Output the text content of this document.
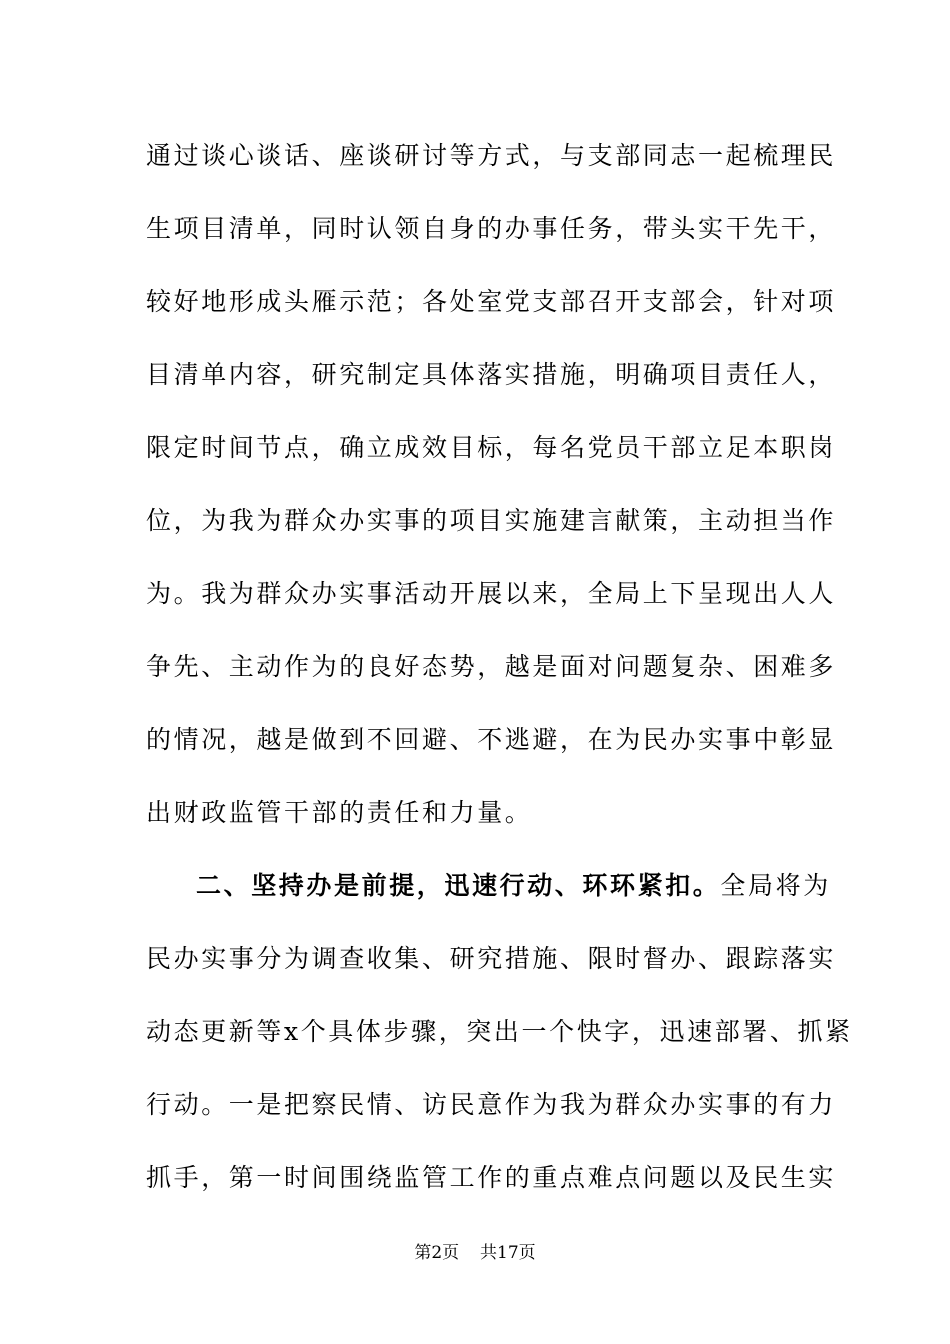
通过谈心谈话、座谈研讨等方式，与支部同志一起梳理民
生项目清单，同时认领自身的办事任务，带头实干先干，
较好地形成头雁示范；各处室党支部召开支部会，针对项
目清单内容，研究制定具体落实措施，明确项目责任人，
限定时间节点，确立成效目标，每名党员干部立足本职岗
位，为我为群众办实事的项目实施建言献策，主动担当作
为。我为群众办实事活动开展以来，全局上下呈现出人人
争先、主动作为的良好态势，越是面对问题复杂、困难多
的情况，越是做到不回避、不逃避，在为民办实事中彰显
出财政监管干部的责任和力量。
二、坚持办是前提，迅速行动、环环紧扣。全局将为
民办实事分为调查收集、研究措施、限时督办、跟踪落实
动态更新等x个具体步骤，突出一个快字，迅速部署、抓紧
行动。一是把察民情、访民意作为我为群众办实事的有力
抓手，第一时间围绕监管工作的重点难点问题以及民生实
第2页 共17页
